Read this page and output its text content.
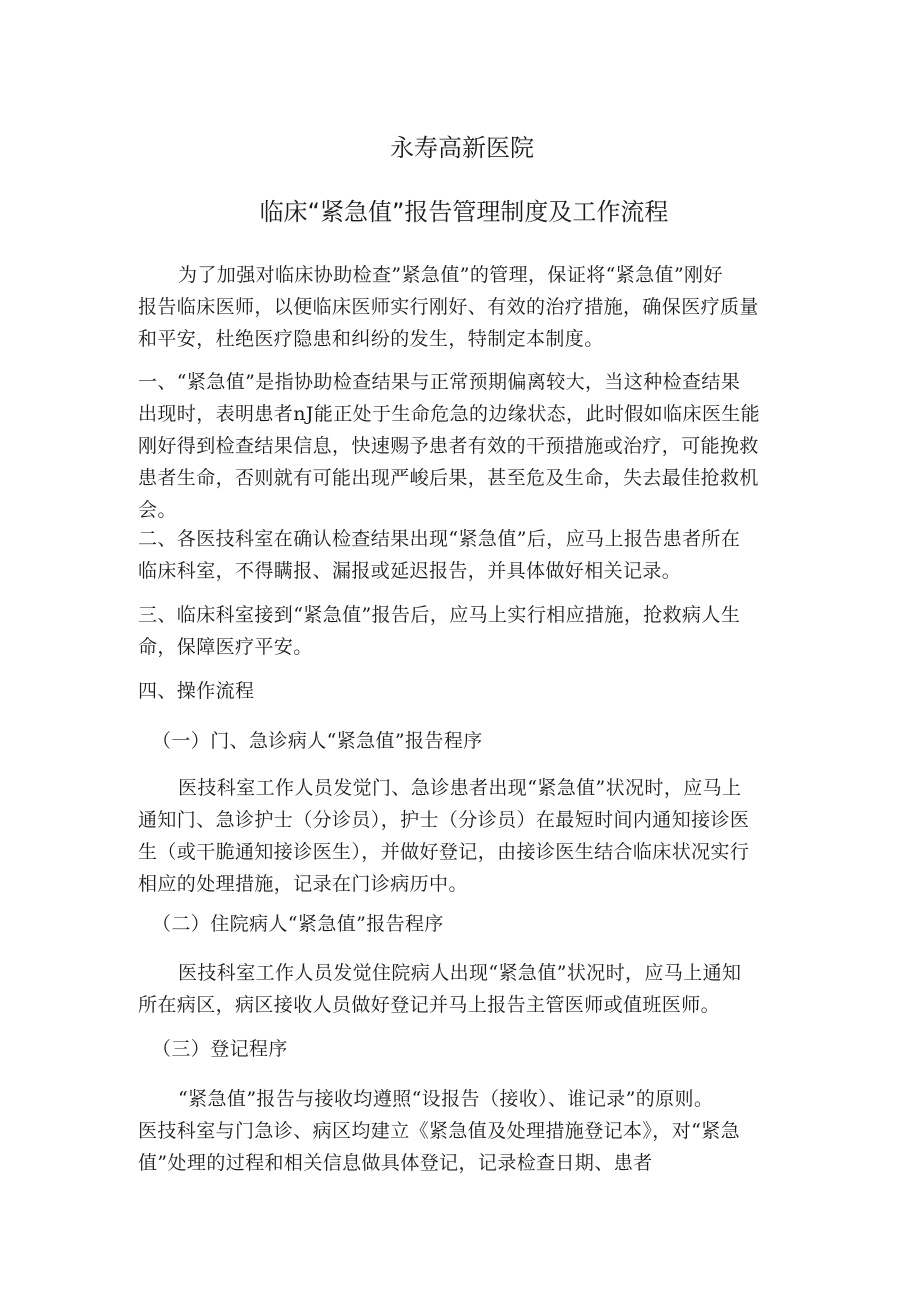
永寿高新医院
临床“紧急值”报告管理制度及工作流程
为了加强对临床协助检查”紧急值”的管理，保证将“紧急值”刚好
报告临床医师，以便临床医师实行刚好、有效的治疗措施，确保医疗质量
和平安，杜绝医疗隐患和纠纷的发生，特制定本制度。
一、“紧急值”是指协助检查结果与正常预期偏离较大，当这种检查结果
出现时，表明患者nJ能正处于生命危急的边缘状态，此时假如临床医生能
刚好得到检查结果信息，快速赐予患者有效的干预措施或治疗，可能挽救
患者生命，否则就有可能出现严峻后果，甚至危及生命，失去最佳抢救机
会。
二、各医技科室在确认检查结果出现“紧急值”后，应马上报告患者所在
临床科室，不得瞒报、漏报或延迟报告，并具体做好相关记录。
三、临床科室接到“紧急值”报告后，应马上实行相应措施，抢救病人生
命，保障医疗平安。
四、操作流程
（一）门、急诊病人“紧急值”报告程序
医技科室工作人员发觉门、急诊患者出现“紧急值”状况时，应马上
通知门、急诊护士（分诊员），护士（分诊员）在最短时间内通知接诊医
生（或干脆通知接诊医生），并做好登记，由接诊医生结合临床状况实行
相应的处理措施，记录在门诊病历中。
（二）住院病人“紧急值”报告程序
医技科室工作人员发觉住院病人出现“紧急值”状况时，应马上通知
所在病区，病区接收人员做好登记并马上报告主管医师或值班医师。
（三）登记程序
“紧急值”报告与接收均遵照“设报告（接收）、谁记录”的原则。
医技科室与门急诊、病区均建立《紧急值及处理措施登记本》，对“紧急
值”处理的过程和相关信息做具体登记，记录检查日期、患者
